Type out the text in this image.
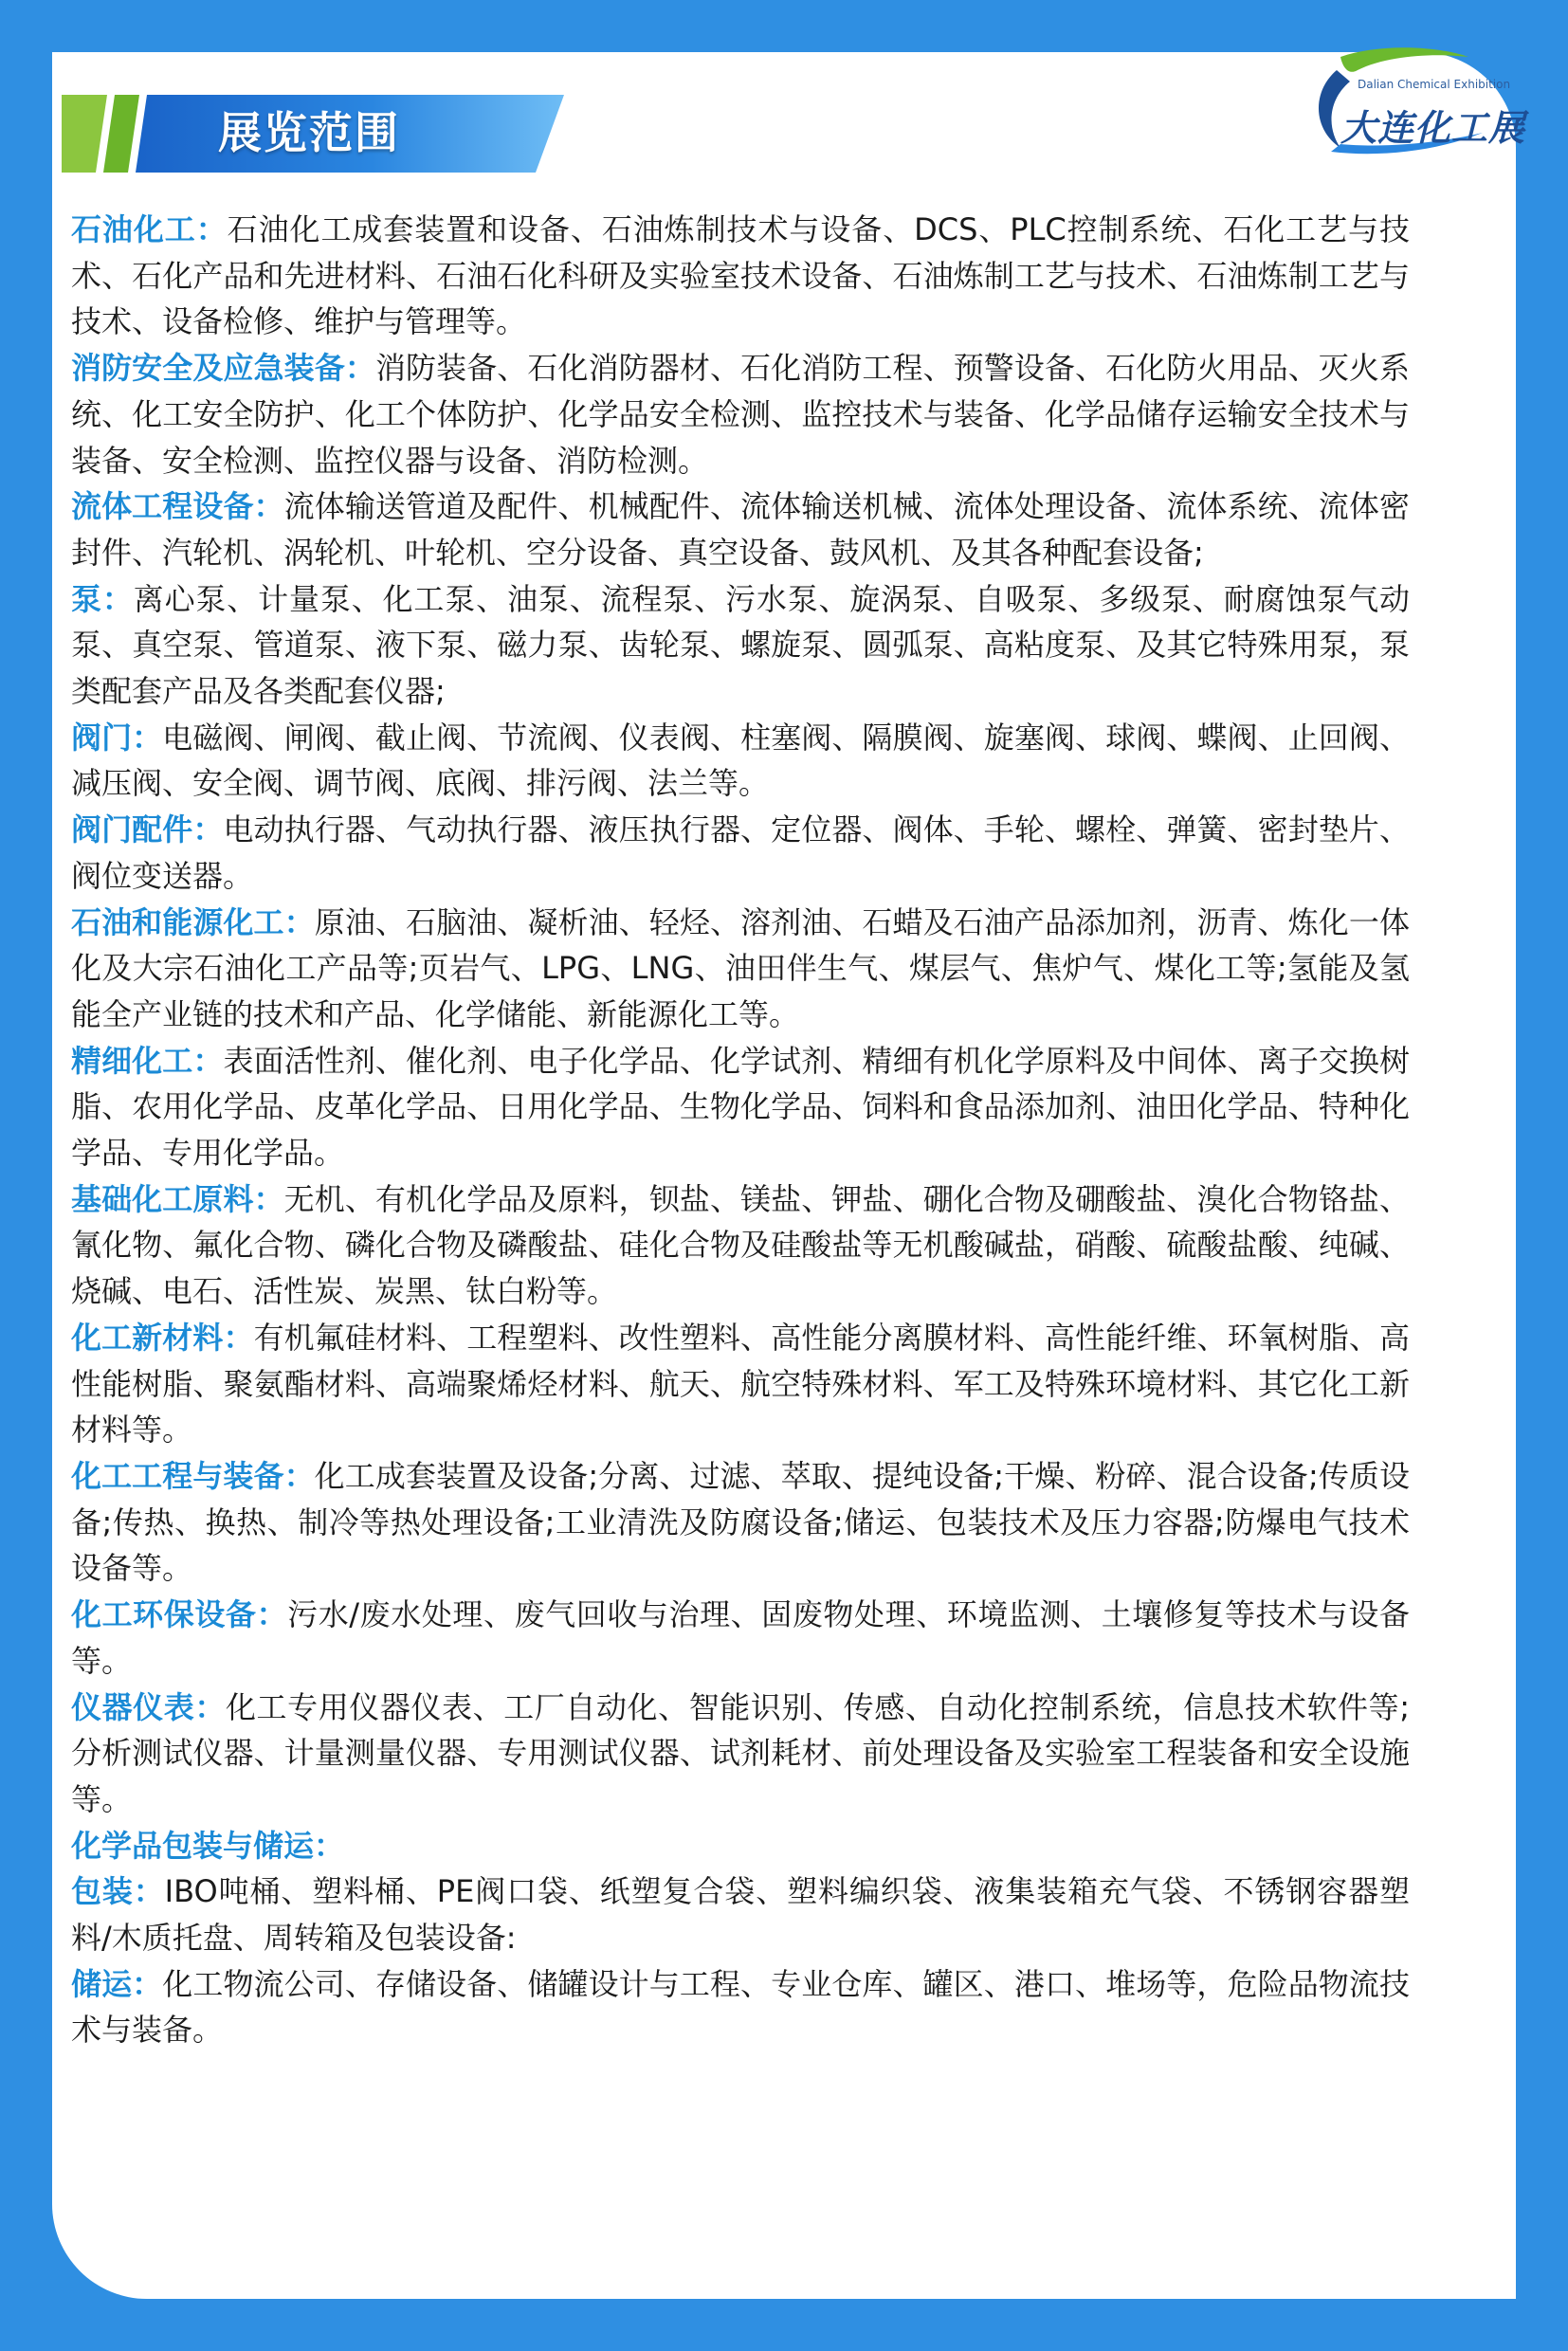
展览范围
Dalian Chemical Exhibition
大连化工展

石油化工：石油化工成套装置和设备、石油炼制技术与设备、DCS、PLC控制系统、石化工艺与技术、石化产品和先进材料、石油石化科研及实验室技术设备、石油炼制工艺与技术、石油炼制工艺与技术、设备检修、维护与管理等。

消防安全及应急装备：消防装备、石化消防器材、石化消防工程、预警设备、石化防火用品、灭火系统、化工安全防护、化工个体防护、化学品安全检测、监控技术与装备、化学品储存运输安全技术与装备、安全检测、监控仪器与设备、消防检测。

流体工程设备：流体输送管道及配件、机械配件、流体输送机械、流体处理设备、流体系统、流体密封件、汽轮机、涡轮机、叶轮机、空分设备、真空设备、鼓风机、及其各种配套设备;

泵：离心泵、计量泵、化工泵、油泵、流程泵、污水泵、旋涡泵、自吸泵、多级泵、耐腐蚀泵气动泵、真空泵、管道泵、液下泵、磁力泵、齿轮泵、螺旋泵、圆弧泵、高粘度泵、及其它特殊用泵，泵类配套产品及各类配套仪器;

阀门：电磁阀、闸阀、截止阀、节流阀、仪表阀、柱塞阀、隔膜阀、旋塞阀、球阀、蝶阀、止回阀、减压阀、安全阀、调节阀、底阀、排污阀、法兰等。

阀门配件：电动执行器、气动执行器、液压执行器、定位器、阀体、手轮、螺栓、弹簧、密封垫片、阀位变送器。

石油和能源化工：原油、石脑油、凝析油、轻烃、溶剂油、石蜡及石油产品添加剂，沥青、炼化一体化及大宗石油化工产品等;页岩气、LPG、LNG、油田伴生气、煤层气、焦炉气、煤化工等;氢能及氢能全产业链的技术和产品、化学储能、新能源化工等。

精细化工：表面活性剂、催化剂、电子化学品、化学试剂、精细有机化学原料及中间体、离子交换树脂、农用化学品、皮革化学品、日用化学品、生物化学品、饲料和食品添加剂、油田化学品、特种化学品、专用化学品。

基础化工原料：无机、有机化学品及原料，钡盐、镁盐、钾盐、硼化合物及硼酸盐、溴化合物铬盐、氰化物、氟化合物、磷化合物及磷酸盐、硅化合物及硅酸盐等无机酸碱盐，硝酸、硫酸盐酸、纯碱、烧碱、电石、活性炭、炭黑、钛白粉等。

化工新材料：有机氟硅材料、工程塑料、改性塑料、高性能分离膜材料、高性能纤维、环氧树脂、高性能树脂、聚氨酯材料、高端聚烯烃材料、航天、航空特殊材料、军工及特殊环境材料、其它化工新材料等。

化工工程与装备：化工成套装置及设备;分离、过滤、萃取、提纯设备;干燥、粉碎、混合设备;传质设备;传热、换热、制冷等热处理设备;工业清洗及防腐设备;储运、包装技术及压力容器;防爆电气技术设备等。

化工环保设备：污水/废水处理、废气回收与治理、固废物处理、环境监测、土壤修复等技术与设备等。

仪器仪表：化工专用仪器仪表、工厂自动化、智能识别、传感、自动化控制系统，信息技术软件等;分析测试仪器、计量测量仪器、专用测试仪器、试剂耗材、前处理设备及实验室工程装备和安全设施等。

化学品包装与储运：

包装：IBO吨桶、塑料桶、PE阀口袋、纸塑复合袋、塑料编织袋、液集装箱充气袋、不锈钢容器塑料/木质托盘、周转箱及包装设备:

储运：化工物流公司、存储设备、储罐设计与工程、专业仓库、罐区、港口、堆场等，危险品物流技术与装备。
